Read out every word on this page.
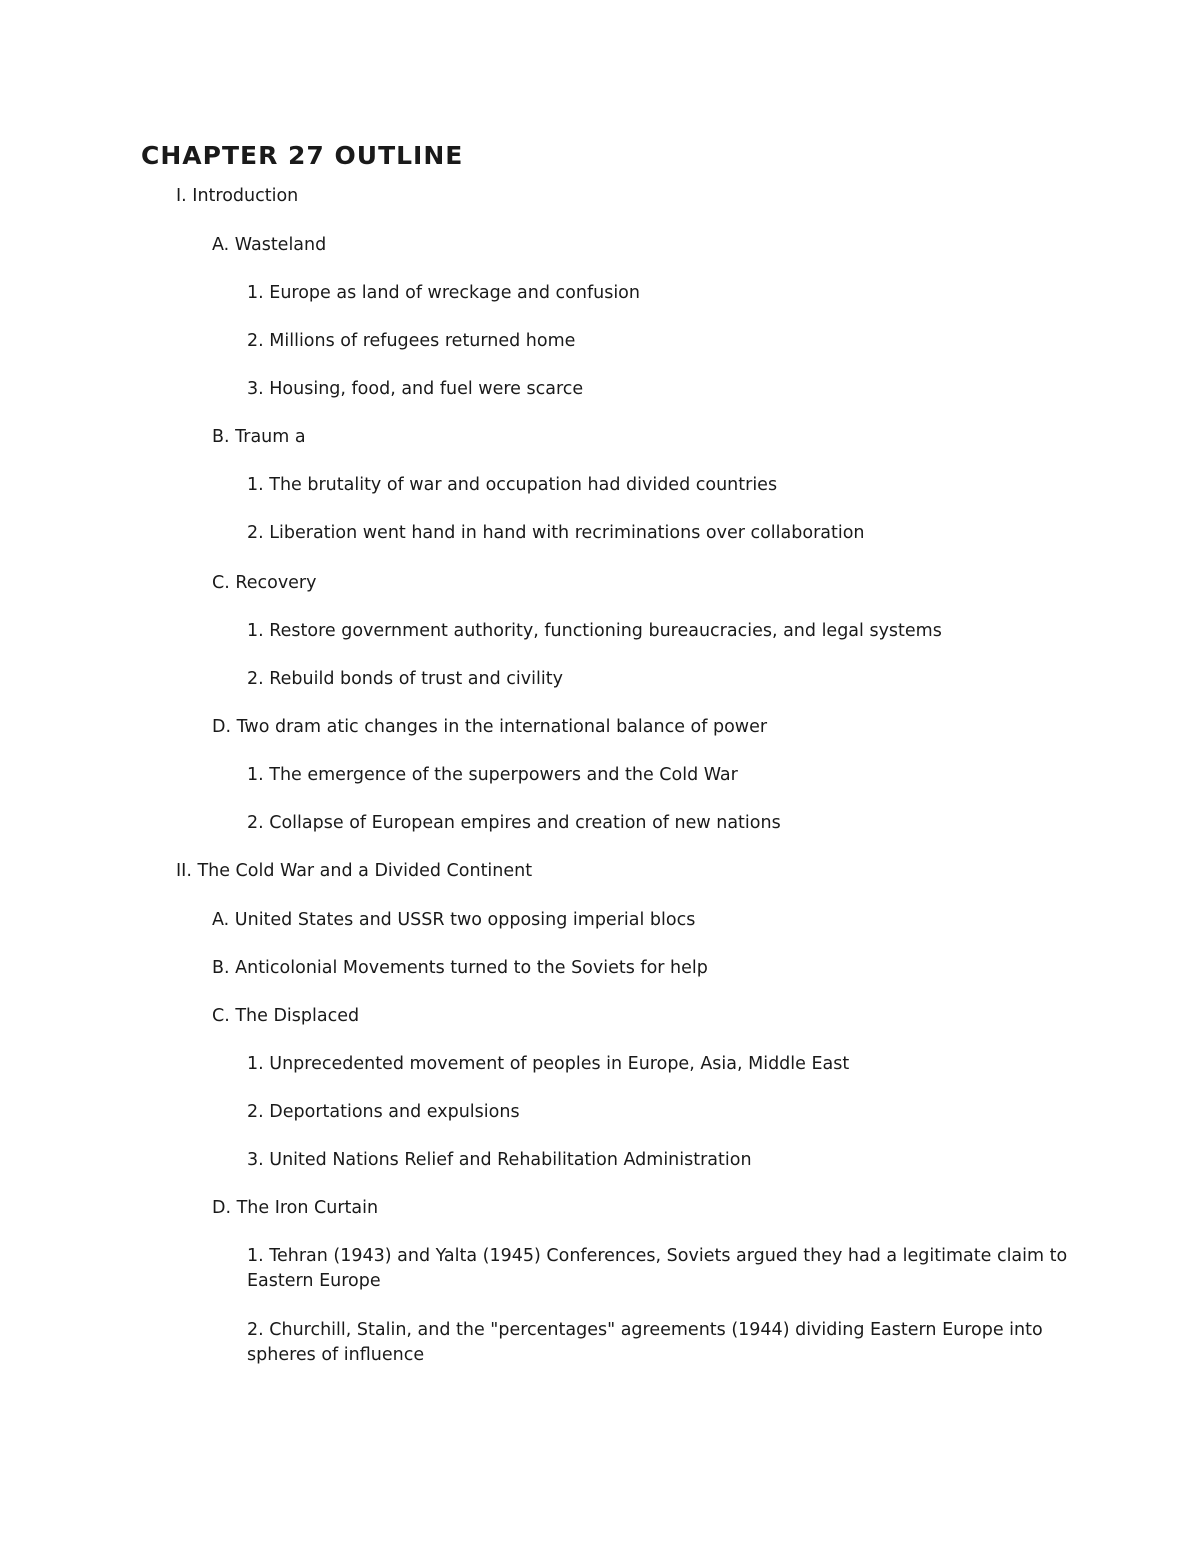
CHAPTER 27 OUTLINE
I. Introduction
A. Wasteland
1. Europe as land of wreckage and confusion
2. Millions of refugees returned home
3. Housing, food, and fuel were scarce
B. Traum a
1. The brutality of war and occupation had divided countries
2. Liberation went hand in hand with recriminations over collaboration
C. Recovery
1. Restore government authority, functioning bureaucracies, and legal systems
2. Rebuild bonds of trust and civility
D. Two dram atic changes in the international balance of power
1. The emergence of the superpowers and the Cold War
2. Collapse of European empires and creation of new nations
II. The Cold War and a Divided Continent
A. United States and USSR two opposing imperial blocs
B. Anticolonial Movements turned to the Soviets for help
C. The Displaced
1. Unprecedented movement of peoples in Europe, Asia, Middle East
2. Deportations and expulsions
3. United Nations Relief and Rehabilitation Administration
D. The Iron Curtain
1. Tehran (1943) and Yalta (1945) Conferences, Soviets argued they had a legitimate claim to Eastern Europe
2. Churchill, Stalin, and the "percentages" agreements (1944) dividing Eastern Europe into spheres of influence
